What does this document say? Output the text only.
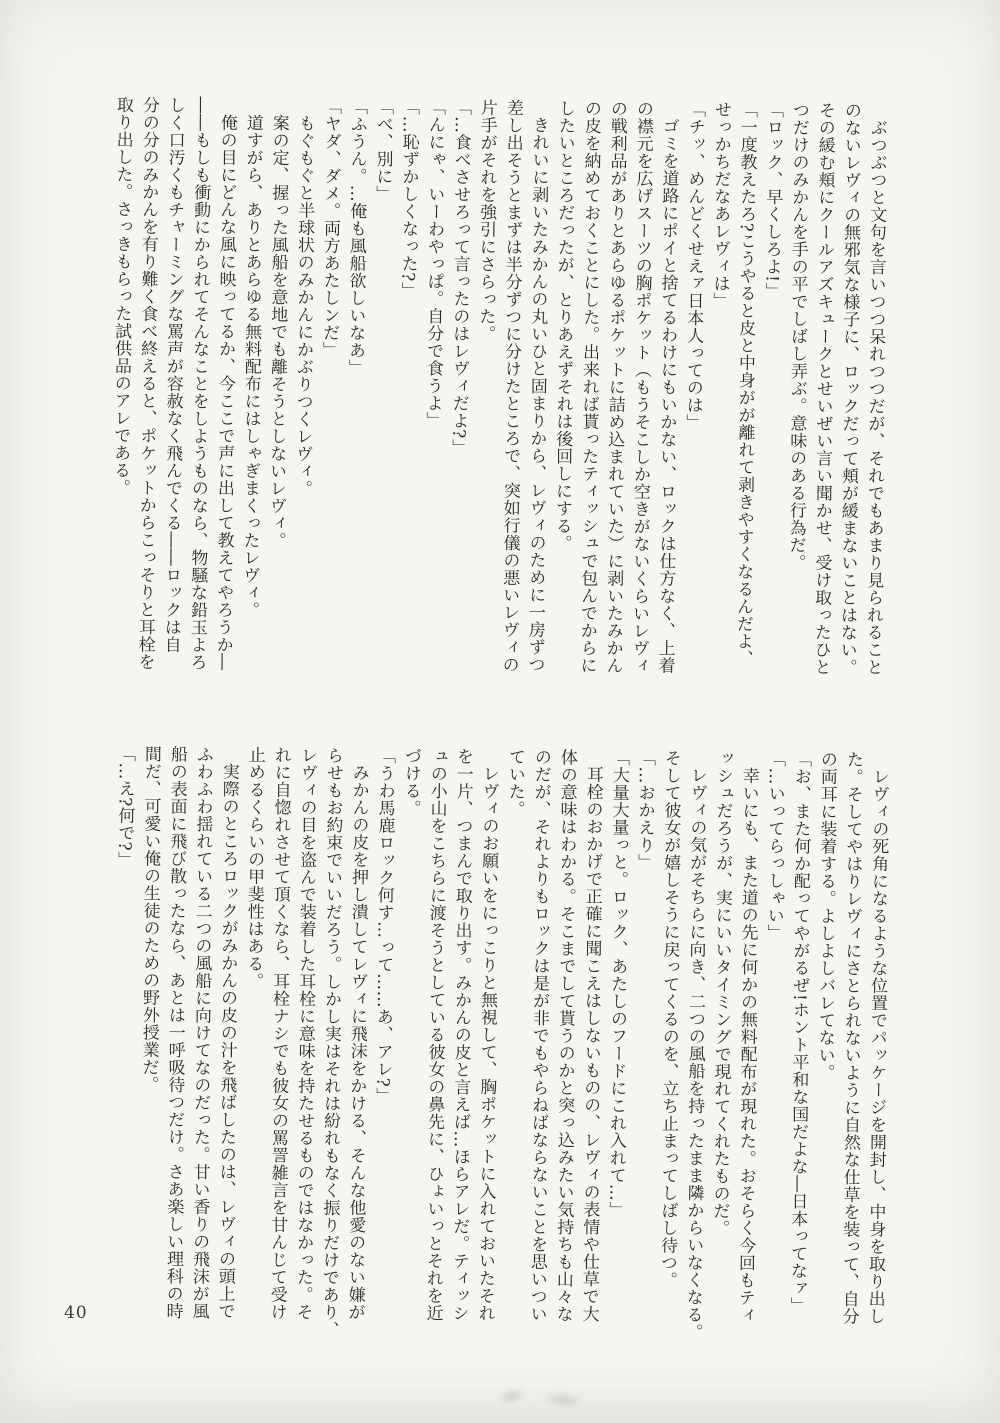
ぶつぶつと文句を言いつつ呆れつつだが、それでもあまり見られること
のないレヴィの無邪気な様子に、ロックだって頬が緩まないことはない。
その緩む頬にクールアズキュークとせいぜい言い聞かせ、受け取ったひと
つだけのみかんを手の平でしばし弄ぶ。意味のある行為だ。
「ロック、早くしろよ!」
「一度教えたろ?こうやると皮と中身がが離れて剥きやすくなるんだよ、
せっかちだなあレヴィは」
「チッ、めんどくせえァ日本人ってのは」
ゴミを道路にポイと捨てるわけにもいかない、ロックは仕方なく、上着
の襟元を広げスーツの胸ポケット（もうそこしか空きがないくらいレヴィ
の戦利品がありとあらゆるポケットに詰め込まれていた）に剥いたみかん
の皮を納めておくことにした。出来れば貰ったティッシュで包んでからに
したいところだったが、とりあえずそれは後回しにする。
きれいに剥いたみかんの丸いひと固まりから、レヴィのために一房ずつ
差し出そうとまずは半分ずつに分けたところで、突如行儀の悪いレヴィの
片手がそれを強引にさらった。
「…食べさせろって言ったのはレヴィだよ?」
「んにゃ、いーわやっぱ。自分で食うよ」
「…恥ずかしくなった?」
「べ、別に」
「ふうん。…俺も風船欲しいなあ」
「ヤダ、ダメ。両方あたしンだ」
もぐもぐと半球状のみかんにかぶりつくレヴィ。
案の定、握った風船を意地でも離そうとしないレヴィ。
道すがら、ありとあらゆる無料配布にはしゃぎまくったレヴィ。
俺の目にどんな風に映ってるか、今ここで声に出して教えてやろうか―
――もしも衝動にかられてそんなことをしようものなら、物騒な鉛玉よろ
しく口汚くもチャーミングな罵声が容赦なく飛んでくる――ロックは自
分の分のみかんを有り難く食べ終えると、ポケットからこっそりと耳栓を
取り出した。さっきもらった試供品のアレである。
レヴィの死角になるような位置でパッケージを開封し、中身を取り出し
た。そしてやはりレヴィにさとられないように自然な仕草を装って、自分
の両耳に装着する。よしよしバレてない。
「お、また何か配ってやがるぜ!ホント平和な国だよな―日本ってなァ」
「…いってらっしゃい」
幸いにも、また道の先に何かの無料配布が現れた。おそらく今回もティ
ッシュだろうが、実にいいタイミングで現れてくれたものだ。
レヴィの気がそちらに向き、二つの風船を持ったまま隣からいなくなる。
そして彼女が嬉しそうに戻ってくるのを、立ち止まってしばし待つ。
「…おかえり」
「大量大量っと。ロック、あたしのフードにこれ入れて…」
耳栓のおかげで正確に聞こえはしないものの、レヴィの表情や仕草で大
体の意味はわかる。そこまでして貰うのかと突っ込みたい気持ちも山々な
のだが、それよりもロックは是が非でもやらねばならないことを思いつい
ていた。
レヴィのお願いをにっこりと無視して、胸ポケットに入れておいたそれ
を一片、つまんで取り出す。みかんの皮と言えば…ほらアレだ。ティッシ
ュの小山をこちらに渡そうとしている彼女の鼻先に、ひょいっとそれを近
づける。
「うわ馬鹿ロック何す…って……あ、アレ?」
みかんの皮を押し潰してレヴィに飛沫をかける、そんな他愛のない嫌が
らせもお約束でいいだろう。しかし実はそれは紛れもなく振りだけであり、
レヴィの目を盗んで装着した耳栓に意味を持たせるものではなかった。そ
れに自惚れさせて頂くなら、耳栓ナシでも彼女の罵詈雑言を甘んじて受け
止めるくらいの甲斐性はある。
実際のところロックがみかんの皮の汁を飛ばしたのは、レヴィの頭上で
ふわふわ揺れている二つの風船に向けてなのだった。甘い香りの飛沫が風
船の表面に飛び散ったなら、あとは一呼吸待つだけ。さあ楽しい理科の時
間だ、可愛い俺の生徒のための野外授業だ。
「…え?何で?」
40
